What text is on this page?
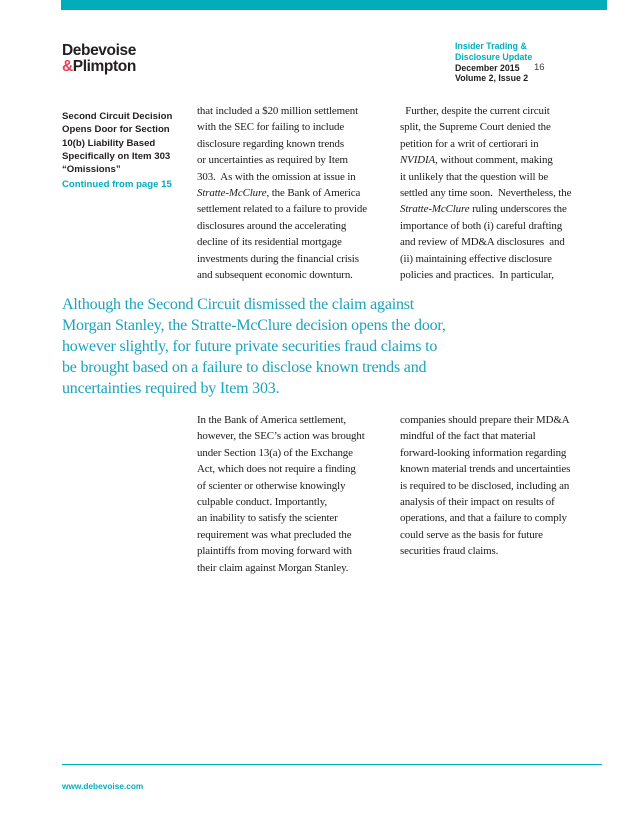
Debevoise
&Plimpton
Insider Trading &
Disclosure Update
December 2015
Volume 2, Issue 2
16
Second Circuit Decision
Opens Door for Section
10(b) Liability Based
Specifically on Item 303
“Omissions”
Continued from page 15
that included a $20 million settlement
with the SEC for failing to include
disclosure regarding known trends
or uncertainties as required by Item
303.  As with the omission at issue in
Stratte-McClure, the Bank of America
settlement related to a failure to provide
disclosures around the accelerating
decline of its residential mortgage
investments during the financial crisis
and subsequent economic downturn.
Further, despite the current circuit
split, the Supreme Court denied the
petition for a writ of certiorari in
NVIDIA, without comment, making
it unlikely that the question will be
settled any time soon.  Nevertheless, the
Stratte-McClure ruling underscores the
importance of both (i) careful drafting
and review of MD&A disclosures  and
(ii) maintaining effective disclosure
policies and practices.  In particular,
Although the Second Circuit dismissed the claim against
Morgan Stanley, the Stratte-McClure decision opens the door,
however slightly, for future private securities fraud claims to
be brought based on a failure to disclose known trends and
uncertainties required by Item 303.
In the Bank of America settlement,
however, the SEC’s action was brought
under Section 13(a) of the Exchange
Act, which does not require a finding
of scienter or otherwise knowingly
culpable conduct. Importantly,
an inability to satisfy the scienter
requirement was what precluded the
plaintiffs from moving forward with
their claim against Morgan Stanley.
companies should prepare their MD&A
mindful of the fact that material
forward-looking information regarding
known material trends and uncertainties
is required to be disclosed, including an
analysis of their impact on results of
operations, and that a failure to comply
could serve as the basis for future
securities fraud claims.
www.debevoise.com
